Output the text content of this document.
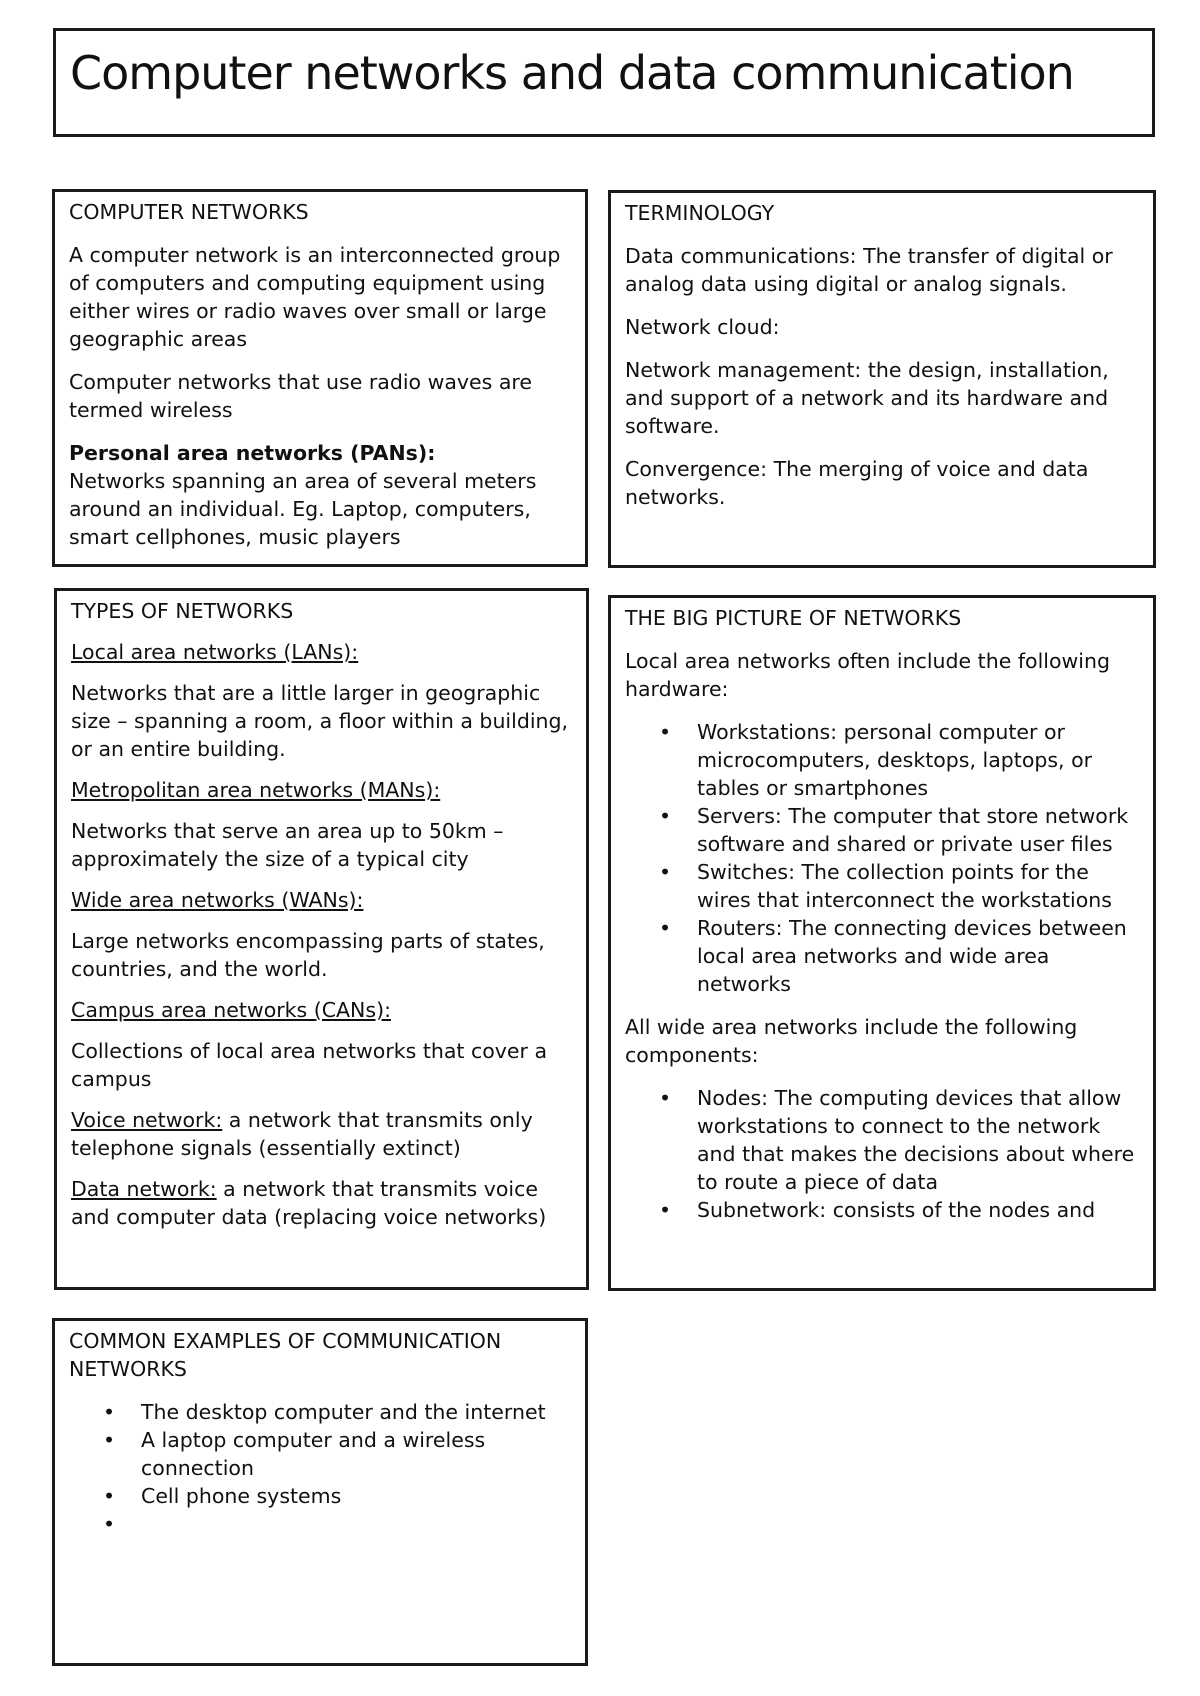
Computer networks and data communication

COMPUTER NETWORKS

A computer network is an interconnected group of computers and computing equipment using either wires or radio waves over small or large geographic areas

Computer networks that use radio waves are termed wireless

Personal area networks (PANs):
Networks spanning an area of several meters around an individual. Eg. Laptop, computers, smart cellphones, music players

TERMINOLOGY

Data communications: The transfer of digital or analog data using digital or analog signals.

Network cloud:

Network management: the design, installation, and support of a network and its hardware and software.

Convergence: The merging of voice and data networks.

TYPES OF NETWORKS

Local area networks (LANs):

Networks that are a little larger in geographic size – spanning a room, a floor within a building, or an entire building.

Metropolitan area networks (MANs):

Networks that serve an area up to 50km – approximately the size of a typical city

Wide area networks (WANs):

Large networks encompassing parts of states, countries, and the world.

Campus area networks (CANs):

Collections of local area networks that cover a campus

Voice network: a network that transmits only telephone signals (essentially extinct)

Data network: a network that transmits voice and computer data (replacing voice networks)

THE BIG PICTURE OF NETWORKS

Local area networks often include the following hardware:

• Workstations: personal computer or microcomputers, desktops, laptops, or tables or smartphones
• Servers: The computer that store network software and shared or private user files
• Switches: The collection points for the wires that interconnect the workstations
• Routers: The connecting devices between local area networks and wide area networks

All wide area networks include the following components:

• Nodes: The computing devices that allow workstations to connect to the network and that makes the decisions about where to route a piece of data
• Subnetwork: consists of the nodes and

COMMON EXAMPLES OF COMMUNICATION NETWORKS

• The desktop computer and the internet
• A laptop computer and a wireless connection
• Cell phone systems
•
